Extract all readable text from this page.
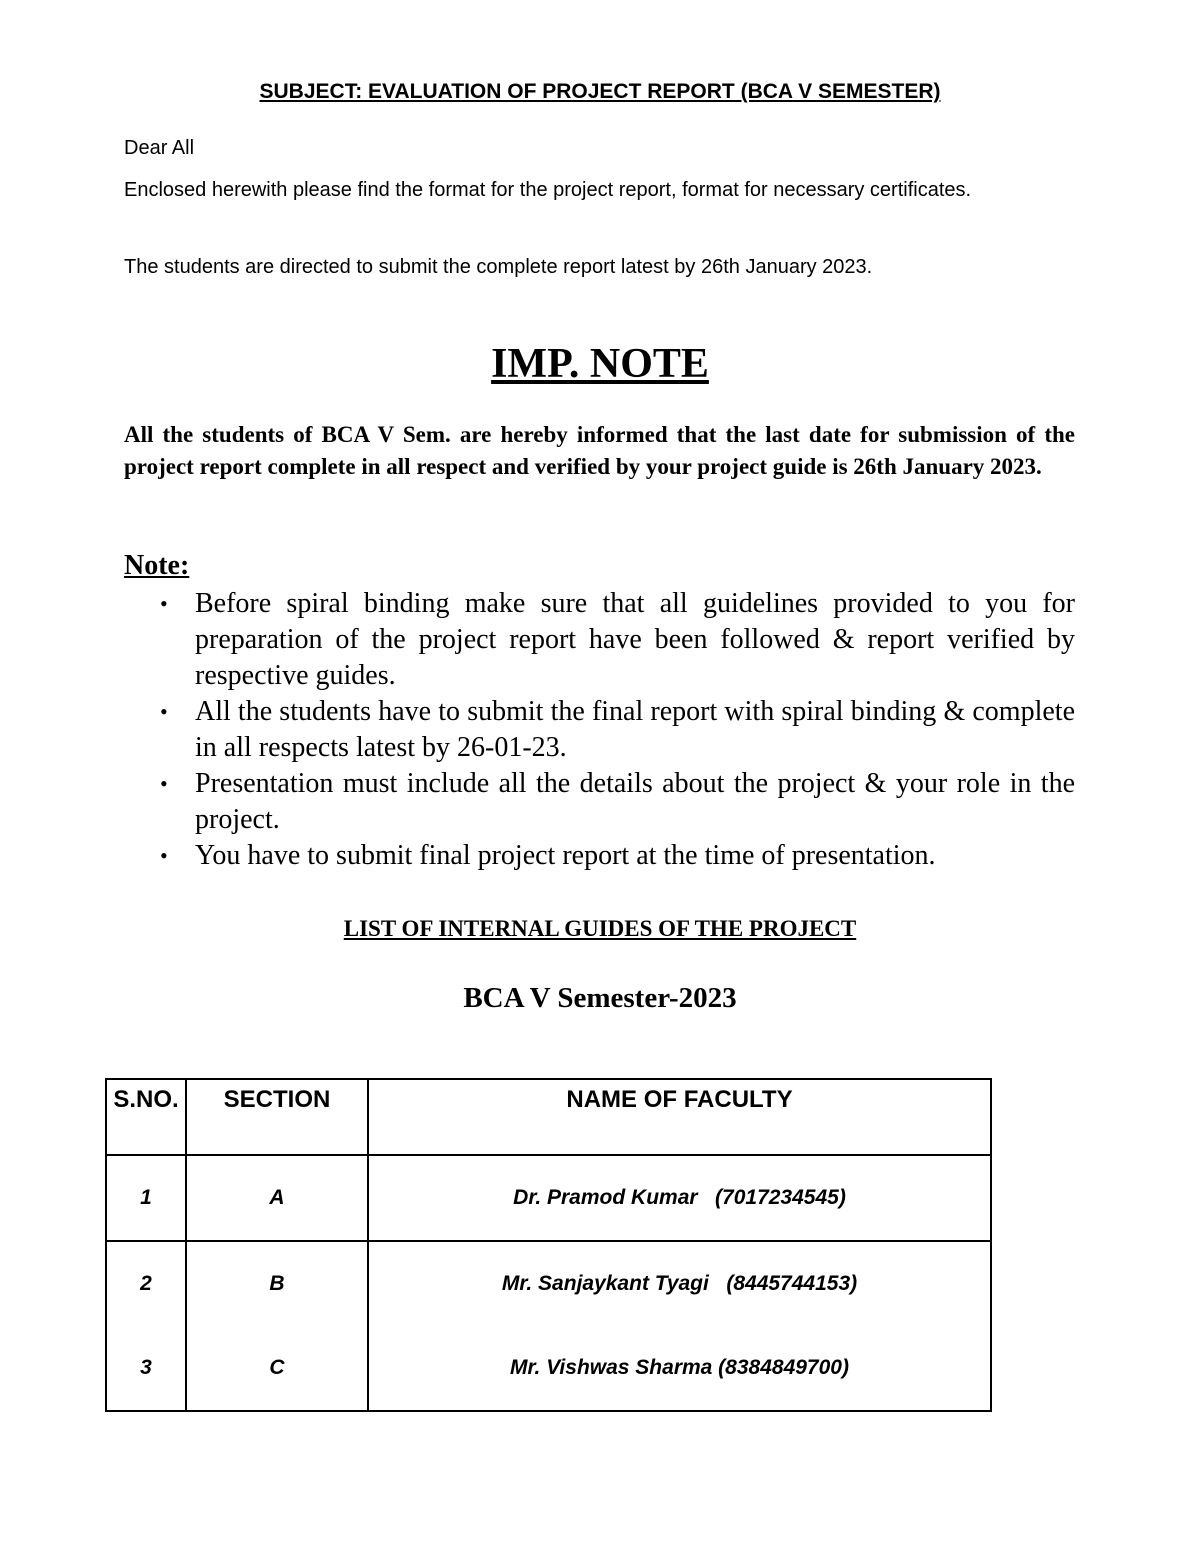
SUBJECT: EVALUATION OF PROJECT REPORT (BCA V SEMESTER)
Dear All
Enclosed herewith please find the format for the project report, format for necessary certificates.
The students are directed to submit the complete report latest by 26th January 2023.
IMP. NOTE
All the students of BCA V Sem. are hereby informed that the last date for submission of the project report complete in all respect and verified by your project guide is 26th January 2023.
Note:
• Before spiral binding make sure that all guidelines provided to you for preparation of the project report have been followed & report verified by respective guides.
• All the students have to submit the final report with spiral binding & complete in all respects latest by 26-01-23.
• Presentation must include all the details about the project & your role in the project.
• You have to submit final project report at the time of presentation.
LIST OF INTERNAL GUIDES OF THE PROJECT
BCA V Semester-2023
S.NO.	SECTION	NAME OF FACULTY
1	A	Dr. Pramod Kumar   (7017234545)
2	B	Mr. Sanjaykant Tyagi   (8445744153)
3	C	Mr. Vishwas Sharma (8384849700)
